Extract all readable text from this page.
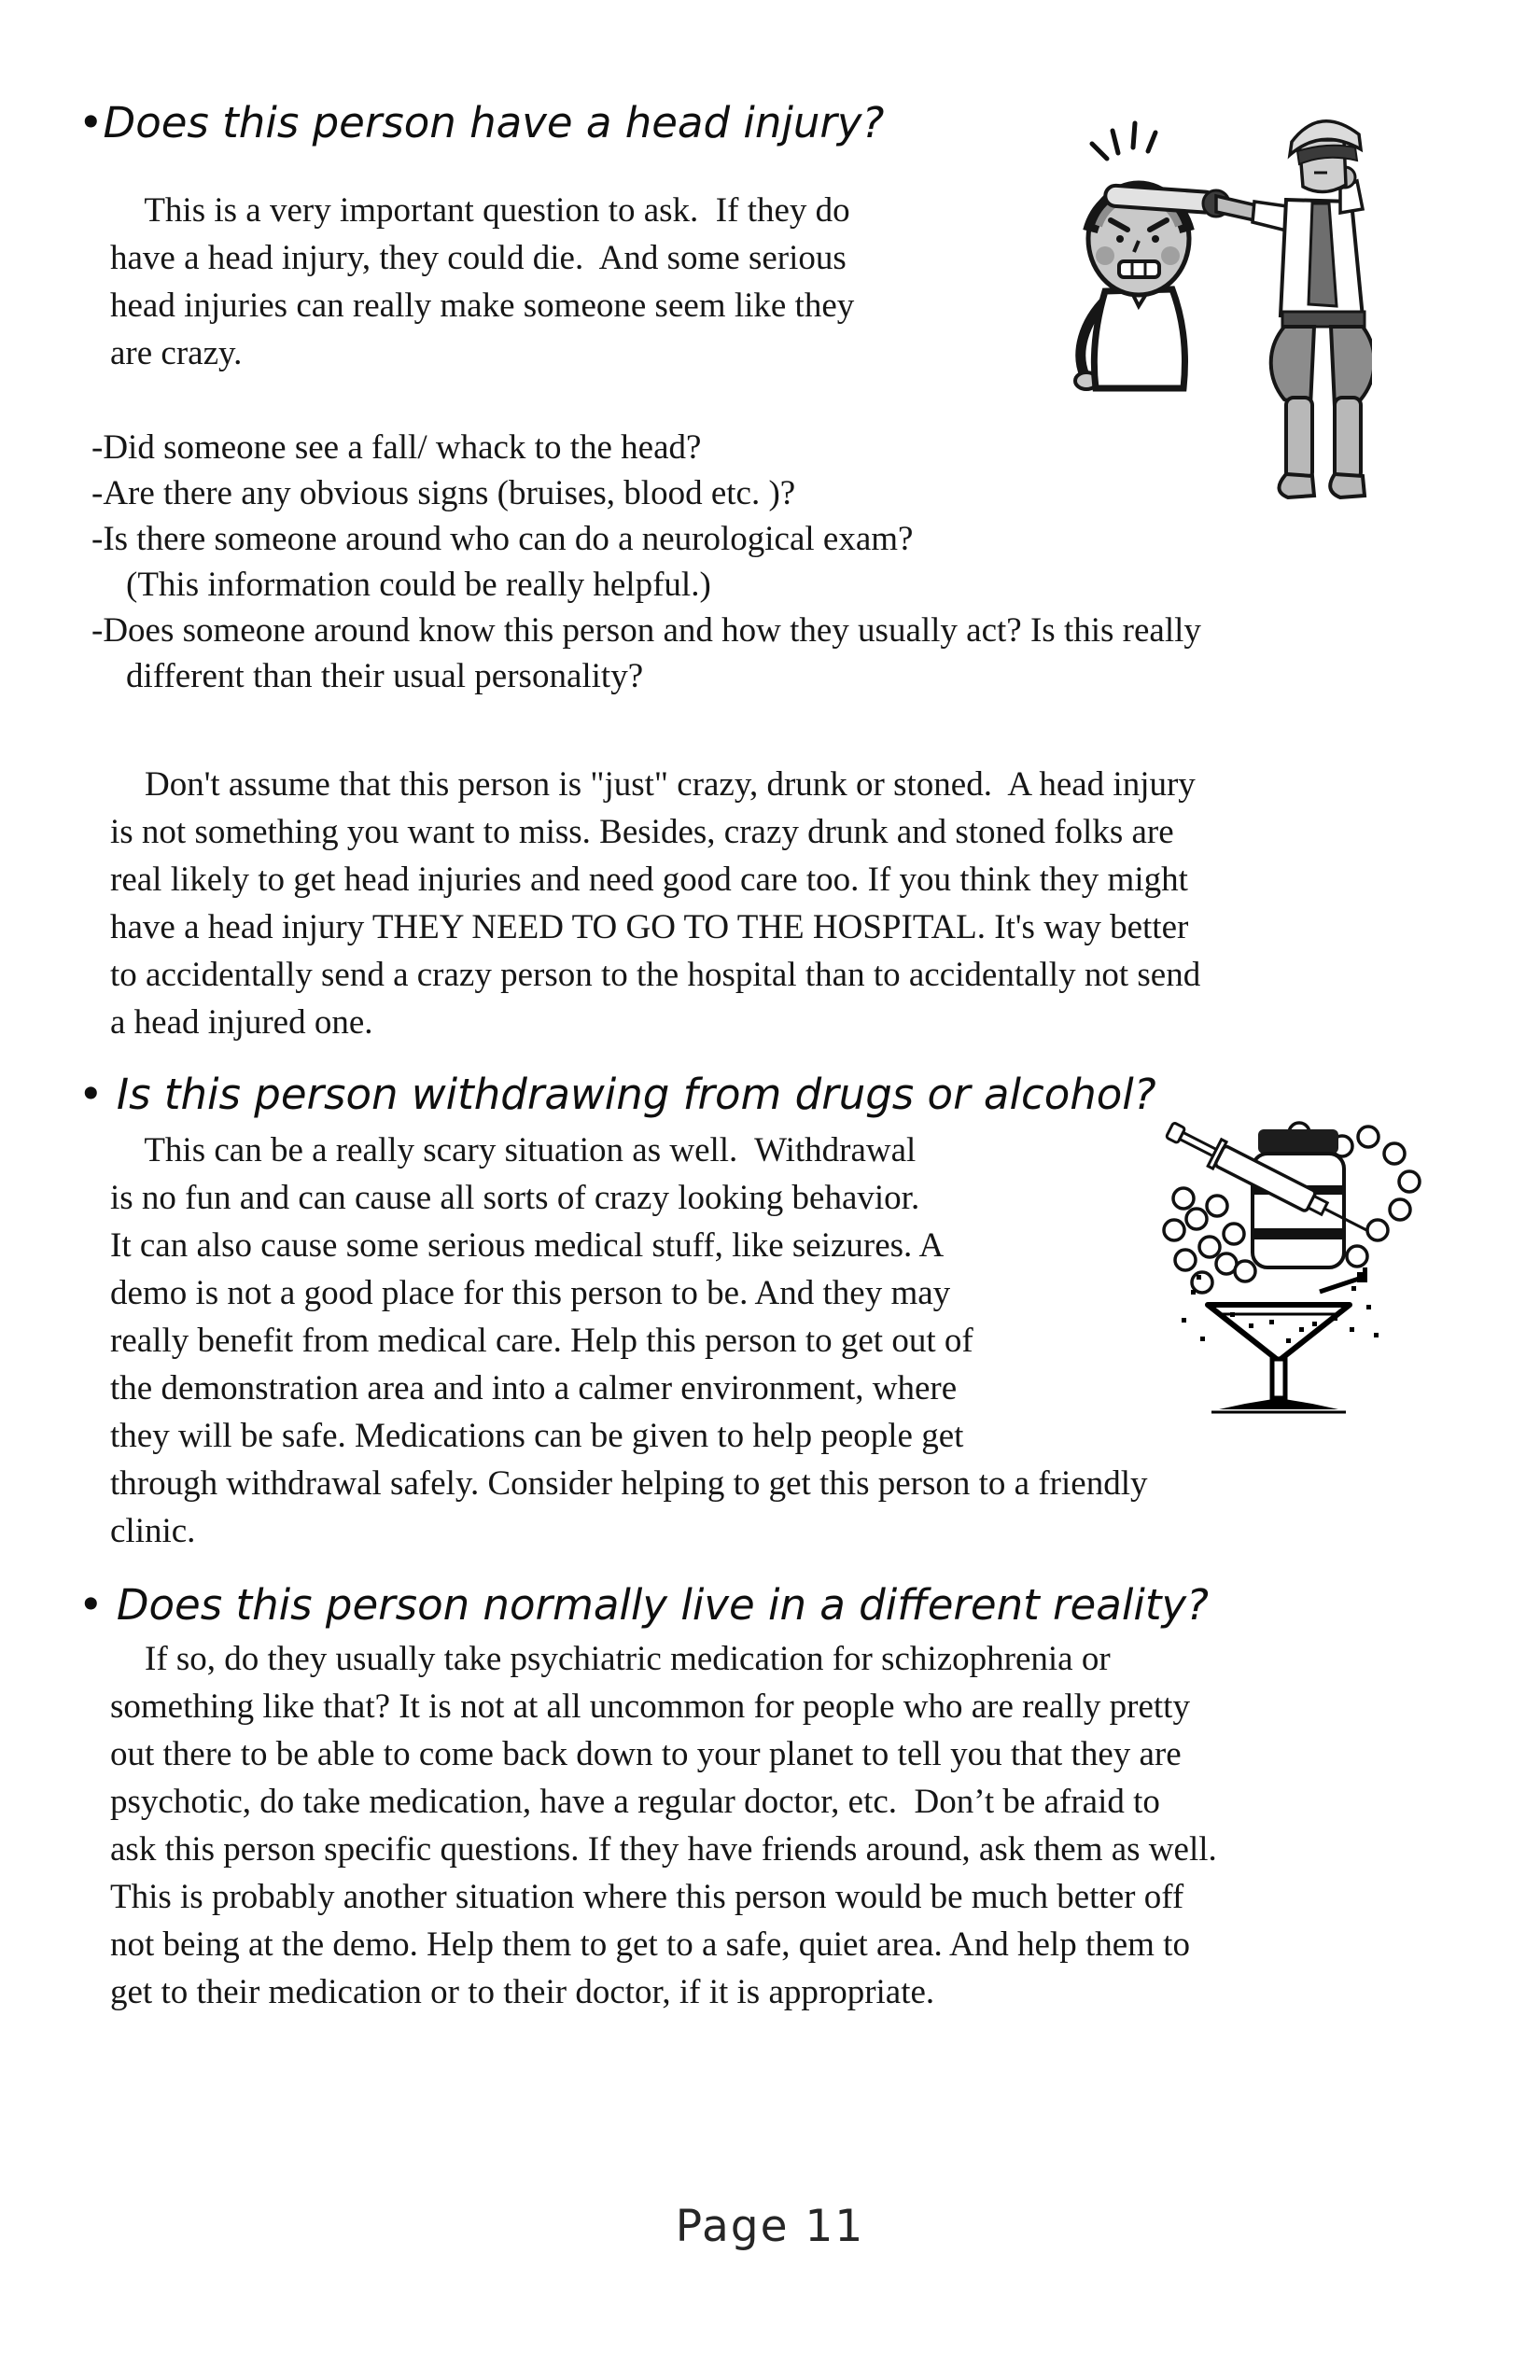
•Does this person have a head injury?
This is a very important question to ask.  If they do
have a head injury, they could die.  And some serious
head injuries can really make someone seem like they
are crazy.
-Did someone see a fall/ whack to the head?
-Are there any obvious signs (bruises, blood etc. )?
-Is there someone around who can do a neurological exam?
(This information could be really helpful.)
-Does someone around know this person and how they usually act? Is this really
different than their usual personality?
Don't assume that this person is "just" crazy, drunk or stoned.  A head injury
is not something you want to miss. Besides, crazy drunk and stoned folks are
real likely to get head injuries and need good care too. If you think they might
have a head injury THEY NEED TO GO TO THE HOSPITAL. It's way better
to accidentally send a crazy person to the hospital than to accidentally not send
a head injured one.
• Is this person withdrawing from drugs or alcohol?
This can be a really scary situation as well.  Withdrawal
is no fun and can cause all sorts of crazy looking behavior.
It can also cause some serious medical stuff, like seizures. A
demo is not a good place for this person to be. And they may
really benefit from medical care. Help this person to get out of
the demonstration area and into a calmer environment, where
they will be safe. Medications can be given to help people get
through withdrawal safely. Consider helping to get this person to a friendly
clinic.
• Does this person normally live in a different reality?
If so, do they usually take psychiatric medication for schizophrenia or
something like that? It is not at all uncommon for people who are really pretty
out there to be able to come back down to your planet to tell you that they are
psychotic, do take medication, have a regular doctor, etc.  Don’t be afraid to
ask this person specific questions. If they have friends around, ask them as well.
This is probably another situation where this person would be much better off
not being at the demo. Help them to get to a safe, quiet area. And help them to
get to their medication or to their doctor, if it is appropriate.
Page 11
